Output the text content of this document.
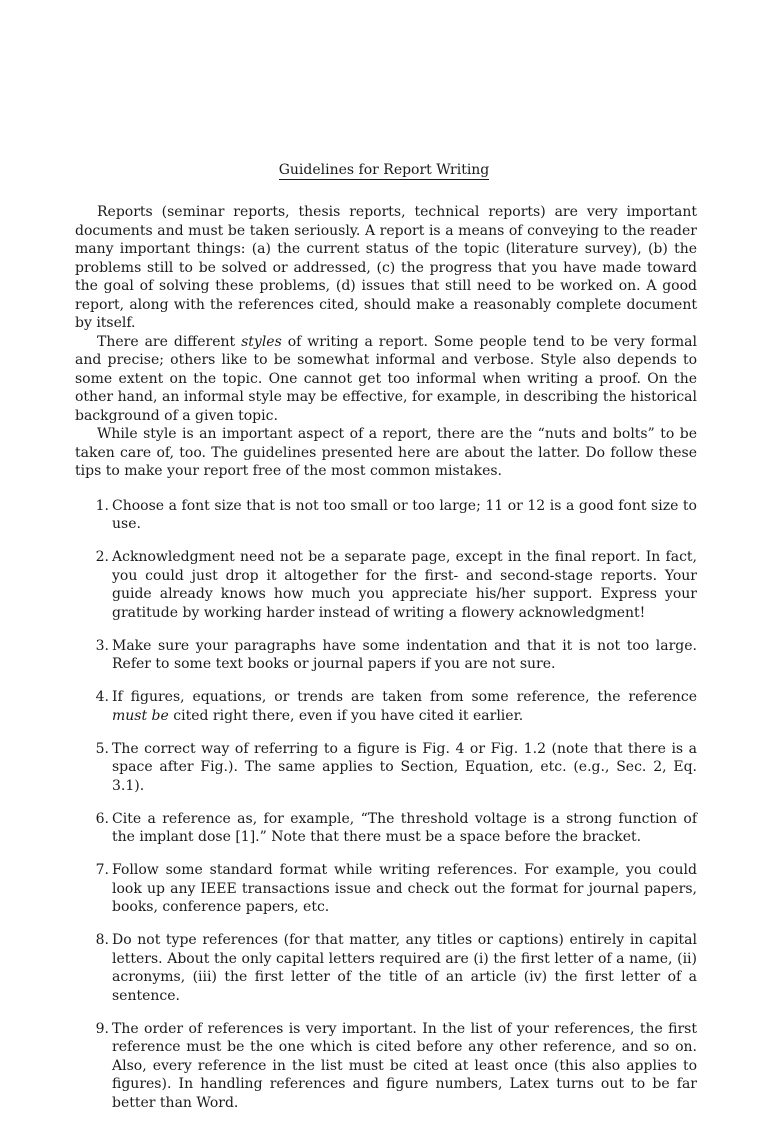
Guidelines for Report Writing

Reports (seminar reports, thesis reports, technical reports) are very important documents and must be taken seriously. A report is a means of conveying to the reader many important things: (a) the current status of the topic (literature survey), (b) the problems still to be solved or addressed, (c) the progress that you have made toward the goal of solving these problems, (d) issues that still need to be worked on. A good report, along with the references cited, should make a reasonably complete document by itself.

There are different styles of writing a report. Some people tend to be very formal and precise; others like to be somewhat informal and verbose. Style also depends to some extent on the topic. One cannot get too informal when writing a proof. On the other hand, an informal style may be effective, for example, in describing the historical background of a given topic.

While style is an important aspect of a report, there are the “nuts and bolts” to be taken care of, too. The guidelines presented here are about the latter. Do follow these tips to make your report free of the most common mistakes.

1. Choose a font size that is not too small or too large; 11 or 12 is a good font size to use.
2. Acknowledgment need not be a separate page, except in the final report. In fact, you could just drop it altogether for the first- and second-stage reports. Your guide already knows how much you appreciate his/her support. Express your gratitude by working harder instead of writing a flowery acknowledgment!
3. Make sure your paragraphs have some indentation and that it is not too large. Refer to some text books or journal papers if you are not sure.
4. If figures, equations, or trends are taken from some reference, the reference must be cited right there, even if you have cited it earlier.
5. The correct way of referring to a figure is Fig. 4 or Fig. 1.2 (note that there is a space after Fig.). The same applies to Section, Equation, etc. (e.g., Sec. 2, Eq. 3.1).
6. Cite a reference as, for example, “The threshold voltage is a strong function of the implant dose [1].” Note that there must be a space before the bracket.
7. Follow some standard format while writing references. For example, you could look up any IEEE transactions issue and check out the format for journal papers, books, conference papers, etc.
8. Do not type references (for that matter, any titles or captions) entirely in capital letters. About the only capital letters required are (i) the first letter of a name, (ii) acronyms, (iii) the first letter of the title of an article (iv) the first letter of a sentence.
9. The order of references is very important. In the list of your references, the first reference must be the one which is cited before any other reference, and so on. Also, every reference in the list must be cited at least once (this also applies to figures). In handling references and figure numbers, Latex turns out to be far better than Word.
